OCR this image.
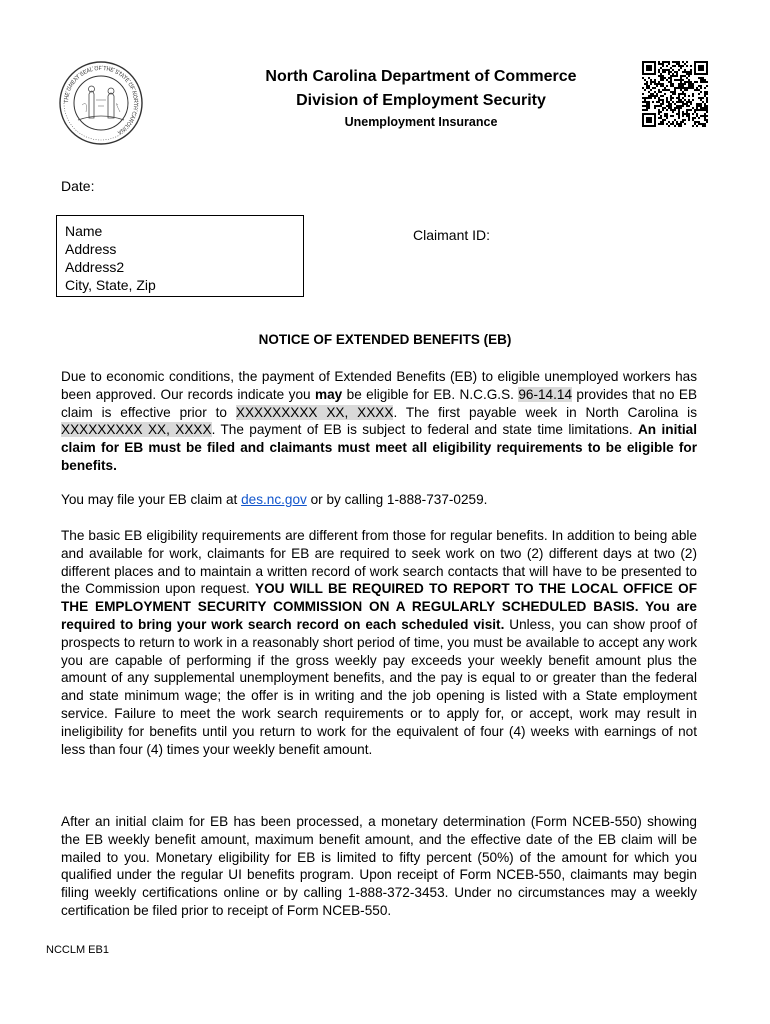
THE GREAT SEAL OF THE STATE OF NORTH CAROLINA
North Carolina Department of Commerce
Division of Employment Security
Unemployment Insurance
Date:
Name
Address
Address2
City, State, Zip
Claimant ID:
NOTICE OF EXTENDED BENEFITS (EB)
Due to economic conditions, the payment of Extended Benefits (EB) to eligible unemployed workers has been approved. Our records indicate you may be eligible for EB. N.C.G.S. 96-14.14 provides that no EB claim is effective prior to XXXXXXXXX XX, XXXX. The first payable week in North Carolina is XXXXXXXXX XX, XXXX. The payment of EB is subject to federal and state time limitations. An initial claim for EB must be filed and claimants must meet all eligibility requirements to be eligible for benefits.
You may file your EB claim at des.nc.gov or by calling 1-888-737-0259.
The basic EB eligibility requirements are different from those for regular benefits. In addition to being able and available for work, claimants for EB are required to seek work on two (2) different days at two (2) different places and to maintain a written record of work search contacts that will have to be presented to the Commission upon request. YOU WILL BE REQUIRED TO REPORT TO THE LOCAL OFFICE OF THE EMPLOYMENT SECURITY COMMISSION ON A REGULARLY SCHEDULED BASIS. You are required to bring your work search record on each scheduled visit. Unless, you can show proof of prospects to return to work in a reasonably short period of time, you must be available to accept any work you are capable of performing if the gross weekly pay exceeds your weekly benefit amount plus the amount of any supplemental unemployment benefits, and the pay is equal to or greater than the federal and state minimum wage; the offer is in writing and the job opening is listed with a State employment service. Failure to meet the work search requirements or to apply for, or accept, work may result in ineligibility for benefits until you return to work for the equivalent of four (4) weeks with earnings of not less than four (4) times your weekly benefit amount.
After an initial claim for EB has been processed, a monetary determination (Form NCEB-550) showing the EB weekly benefit amount, maximum benefit amount, and the effective date of the EB claim will be mailed to you. Monetary eligibility for EB is limited to fifty percent (50%) of the amount for which you qualified under the regular UI benefits program. Upon receipt of Form NCEB-550, claimants may begin filing weekly certifications online or by calling 1-888-372-3453. Under no circumstances may a weekly certification be filed prior to receipt of Form NCEB-550.
NCCLM EB1
